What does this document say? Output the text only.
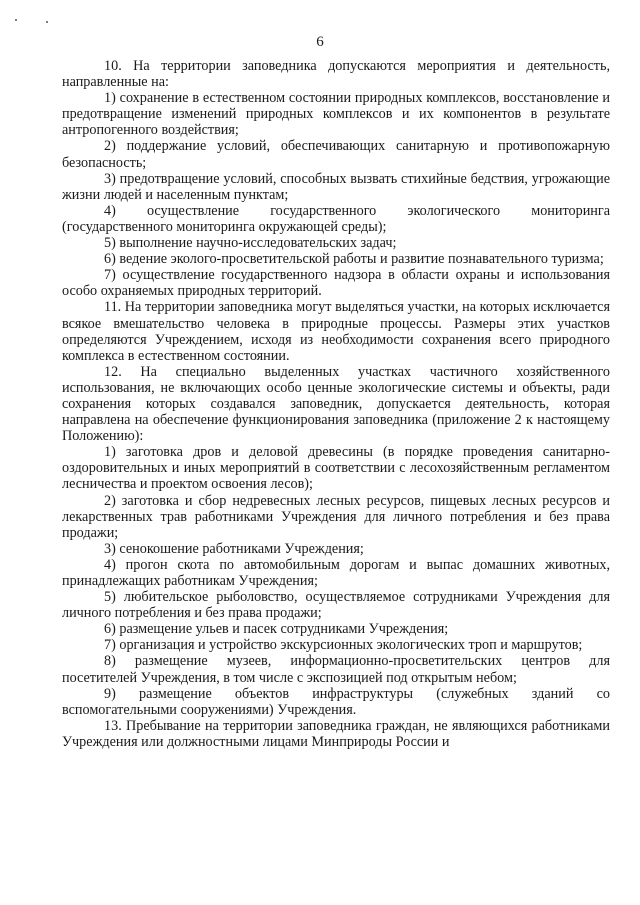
6

10. На территории заповедника допускаются мероприятия и деятельность, направленные на:

1) сохранение в естественном состоянии природных комплексов, восстановление и предотвращение изменений природных комплексов и их компонентов в результате антропогенного воздействия;

2) поддержание условий, обеспечивающих санитарную и противопожарную безопасность;

3) предотвращение условий, способных вызвать стихийные бедствия, угрожающие жизни людей и населенным пунктам;

4) осуществление государственного экологического мониторинга (государственного мониторинга окружающей среды);

5) выполнение научно-исследовательских задач;

6) ведение эколого-просветительской работы и развитие познавательного туризма;

7) осуществление государственного надзора в области охраны и использования особо охраняемых природных территорий.

11. На территории заповедника могут выделяться участки, на которых исключается всякое вмешательство человека в природные процессы. Размеры этих участков определяются Учреждением, исходя из необходимости сохранения всего природного комплекса в естественном состоянии.

12. На специально выделенных участках частичного хозяйственного использования, не включающих особо ценные экологические системы и объекты, ради сохранения которых создавался заповедник, допускается деятельность, которая направлена на обеспечение функционирования заповедника (приложение 2 к настоящему Положению):

1) заготовка дров и деловой древесины (в порядке проведения санитарно-оздоровительных и иных мероприятий в соответствии с лесохозяйственным регламентом лесничества и проектом освоения лесов);

2) заготовка и сбор недревесных лесных ресурсов, пищевых лесных ресурсов и лекарственных трав работниками Учреждения для личного потребления и без права продажи;

3) сенокошение работниками Учреждения;

4) прогон скота по автомобильным дорогам и выпас домашних животных, принадлежащих работникам Учреждения;

5) любительское рыболовство, осуществляемое сотрудниками Учреждения для личного потребления и без права продажи;

6) размещение ульев и пасек сотрудниками Учреждения;

7) организация и устройство экскурсионных экологических троп и маршрутов;

8) размещение музеев, информационно-просветительских центров для посетителей Учреждения, в том числе с экспозицией под открытым небом;

9) размещение объектов инфраструктуры (служебных зданий со вспомогательными сооружениями) Учреждения.

13. Пребывание на территории заповедника граждан, не являющихся работниками Учреждения или должностными лицами Минприроды России и
